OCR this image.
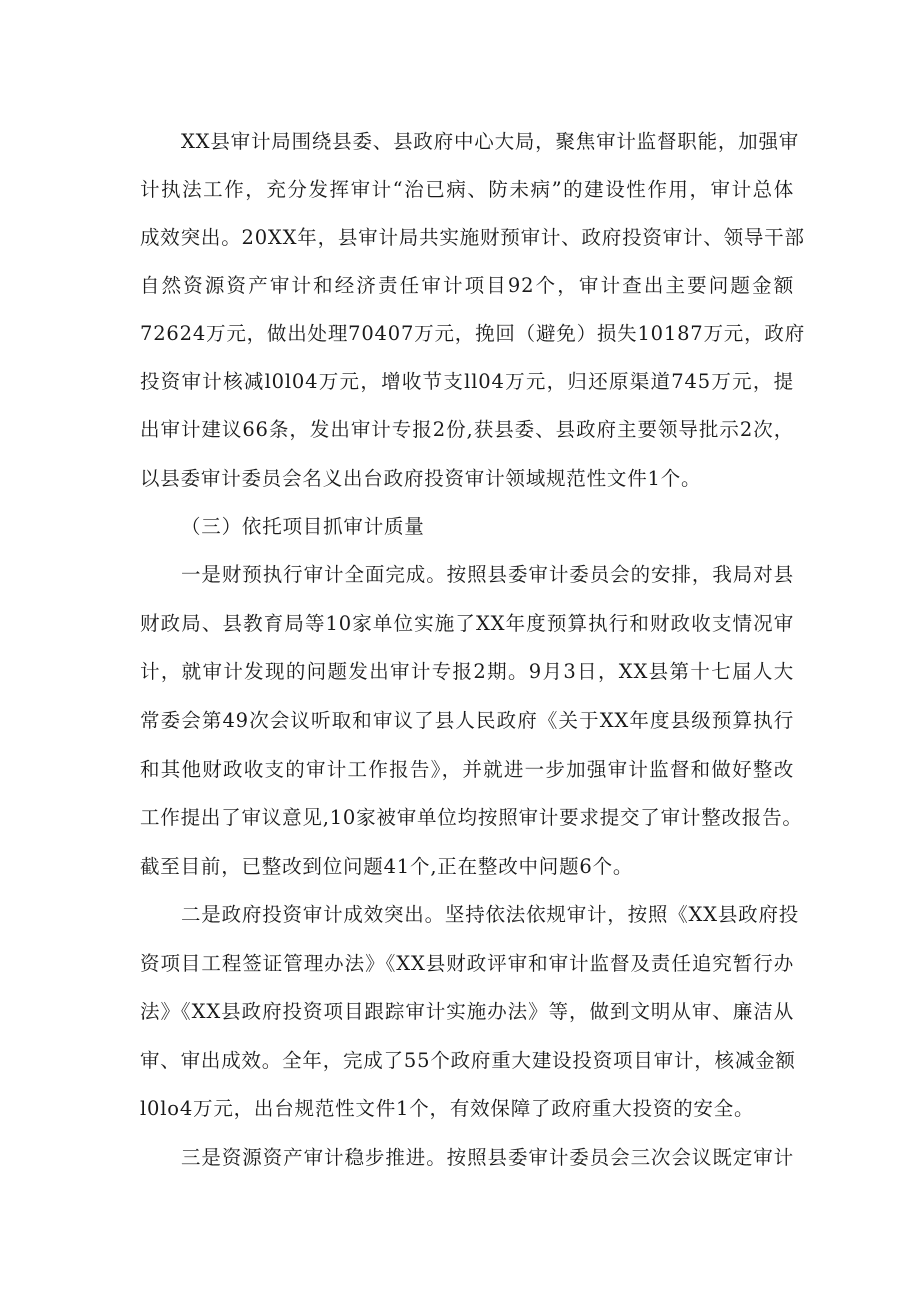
XX县审计局围绕县委、县政府中心大局，聚焦审计监督职能，加强审
计执法工作，充分发挥审计“治已病、防未病”的建设性作用，审计总体
成效突出。20XX年，县审计局共实施财预审计、政府投资审计、领导干部
自然资源资产审计和经济责任审计项目92个，审计查出主要问题金额
72624万元，做出处理70407万元，挽回（避免）损失10187万元，政府
投资审计核减l0l04万元，增收节支ll04万元，归还原渠道745万元，提
出审计建议66条，发出审计专报2份,获县委、县政府主要领导批示2次，
以县委审计委员会名义出台政府投资审计领域规范性文件1个。
（三）依托项目抓审计质量
一是财预执行审计全面完成。按照县委审计委员会的安排，我局对县
财政局、县教育局等10家单位实施了XX年度预算执行和财政收支情况审
计，就审计发现的问题发出审计专报2期。9月3日，XX县第十七届人大
常委会第49次会议听取和审议了县人民政府《关于XX年度县级预算执行
和其他财政收支的审计工作报告》，并就进一步加强审计监督和做好整改
工作提出了审议意见,10家被审单位均按照审计要求提交了审计整改报告。
截至目前，已整改到位问题41个,正在整改中问题6个。
二是政府投资审计成效突出。坚持依法依规审计，按照《XX县政府投
资项目工程签证管理办法》《XX县财政评审和审计监督及责任追究暂行办
法》《XX县政府投资项目跟踪审计实施办法》等，做到文明从审、廉洁从
审、审出成效。全年，完成了55个政府重大建设投资项目审计，核减金额
l0lo4万元，出台规范性文件1个，有效保障了政府重大投资的安全。
三是资源资产审计稳步推进。按照县委审计委员会三次会议既定审计
